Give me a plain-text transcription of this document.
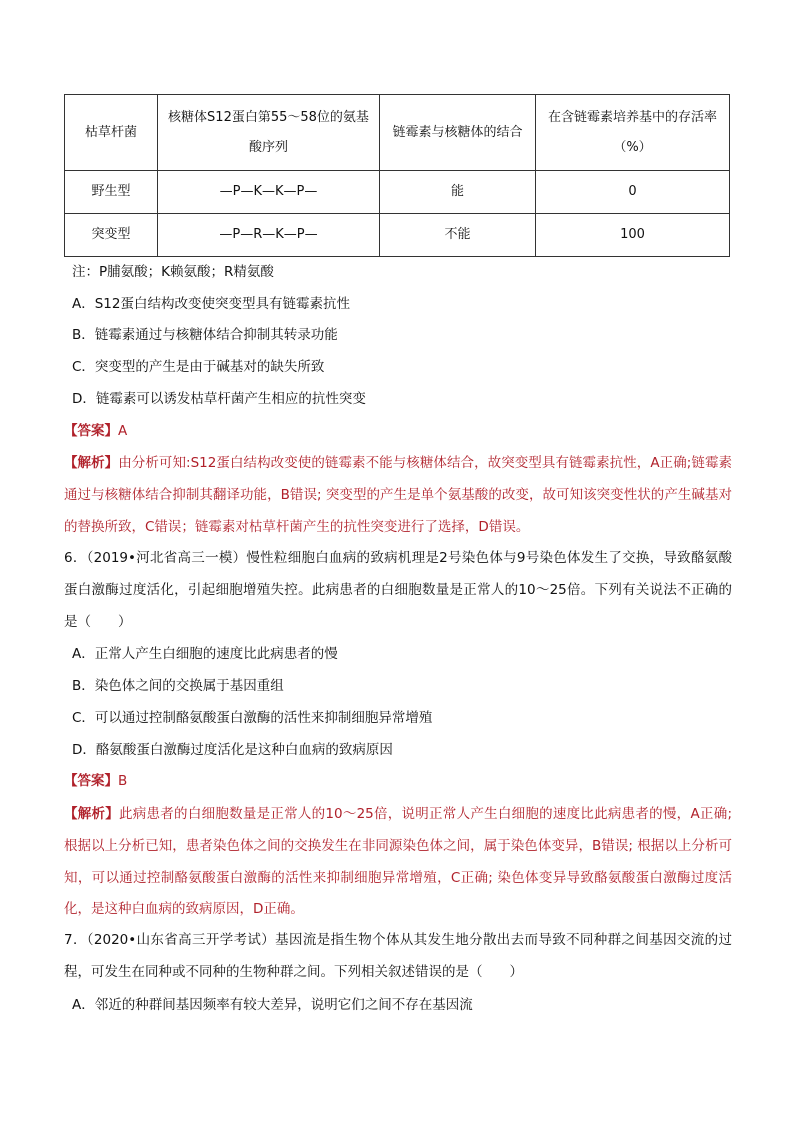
枯草杆菌	核糖体S12蛋白第55～58位的氨基酸序列	链霉素与核糖体的结合	在含链霉素培养基中的存活率（%）
野生型	—P—K—K—P—	能	0
突变型	—P—R—K—P—	不能	100
注：P脯氨酸；K赖氨酸；R精氨酸
A．S12蛋白结构改变使突变型具有链霉素抗性
B．链霉素通过与核糖体结合抑制其转录功能
C．突变型的产生是由于碱基对的缺失所致
D．链霉素可以诱发枯草杆菌产生相应的抗性突变
【答案】A
【解析】由分析可知:S12蛋白结构改变使的链霉素不能与核糖体结合，故突变型具有链霉素抗性，A正确;链霉素通过与核糖体结合抑制其翻译功能，B错误; 突变型的产生是单个氨基酸的改变，故可知该突变性状的产生碱基对的替换所致，C错误；链霉素对枯草杆菌产生的抗性突变进行了选择，D错误。
6．（2019•河北省高三一模）慢性粒细胞白血病的致病机理是2号染色体与9号染色体发生了交换，导致酪氨酸蛋白激酶过度活化，引起细胞增殖失控。此病患者的白细胞数量是正常人的10～25倍。下列有关说法不正确的是（　　）
A．正常人产生白细胞的速度比此病患者的慢
B．染色体之间的交换属于基因重组
C．可以通过控制酪氨酸蛋白激酶的活性来抑制细胞异常增殖
D．酪氨酸蛋白激酶过度活化是这种白血病的致病原因
【答案】B
【解析】此病患者的白细胞数量是正常人的10～25倍，说明正常人产生白细胞的速度比此病患者的慢，A正确; 根据以上分析已知，患者染色体之间的交换发生在非同源染色体之间，属于染色体变异，B错误; 根据以上分析可知，可以通过控制酪氨酸蛋白激酶的活性来抑制细胞异常增殖，C正确; 染色体变异导致酪氨酸蛋白激酶过度活化，是这种白血病的致病原因，D正确。
7．（2020•山东省高三开学考试）基因流是指生物个体从其发生地分散出去而导致不同种群之间基因交流的过程，可发生在同种或不同种的生物种群之间。下列相关叙述错误的是（　　）
A．邻近的种群间基因频率有较大差异，说明它们之间不存在基因流
